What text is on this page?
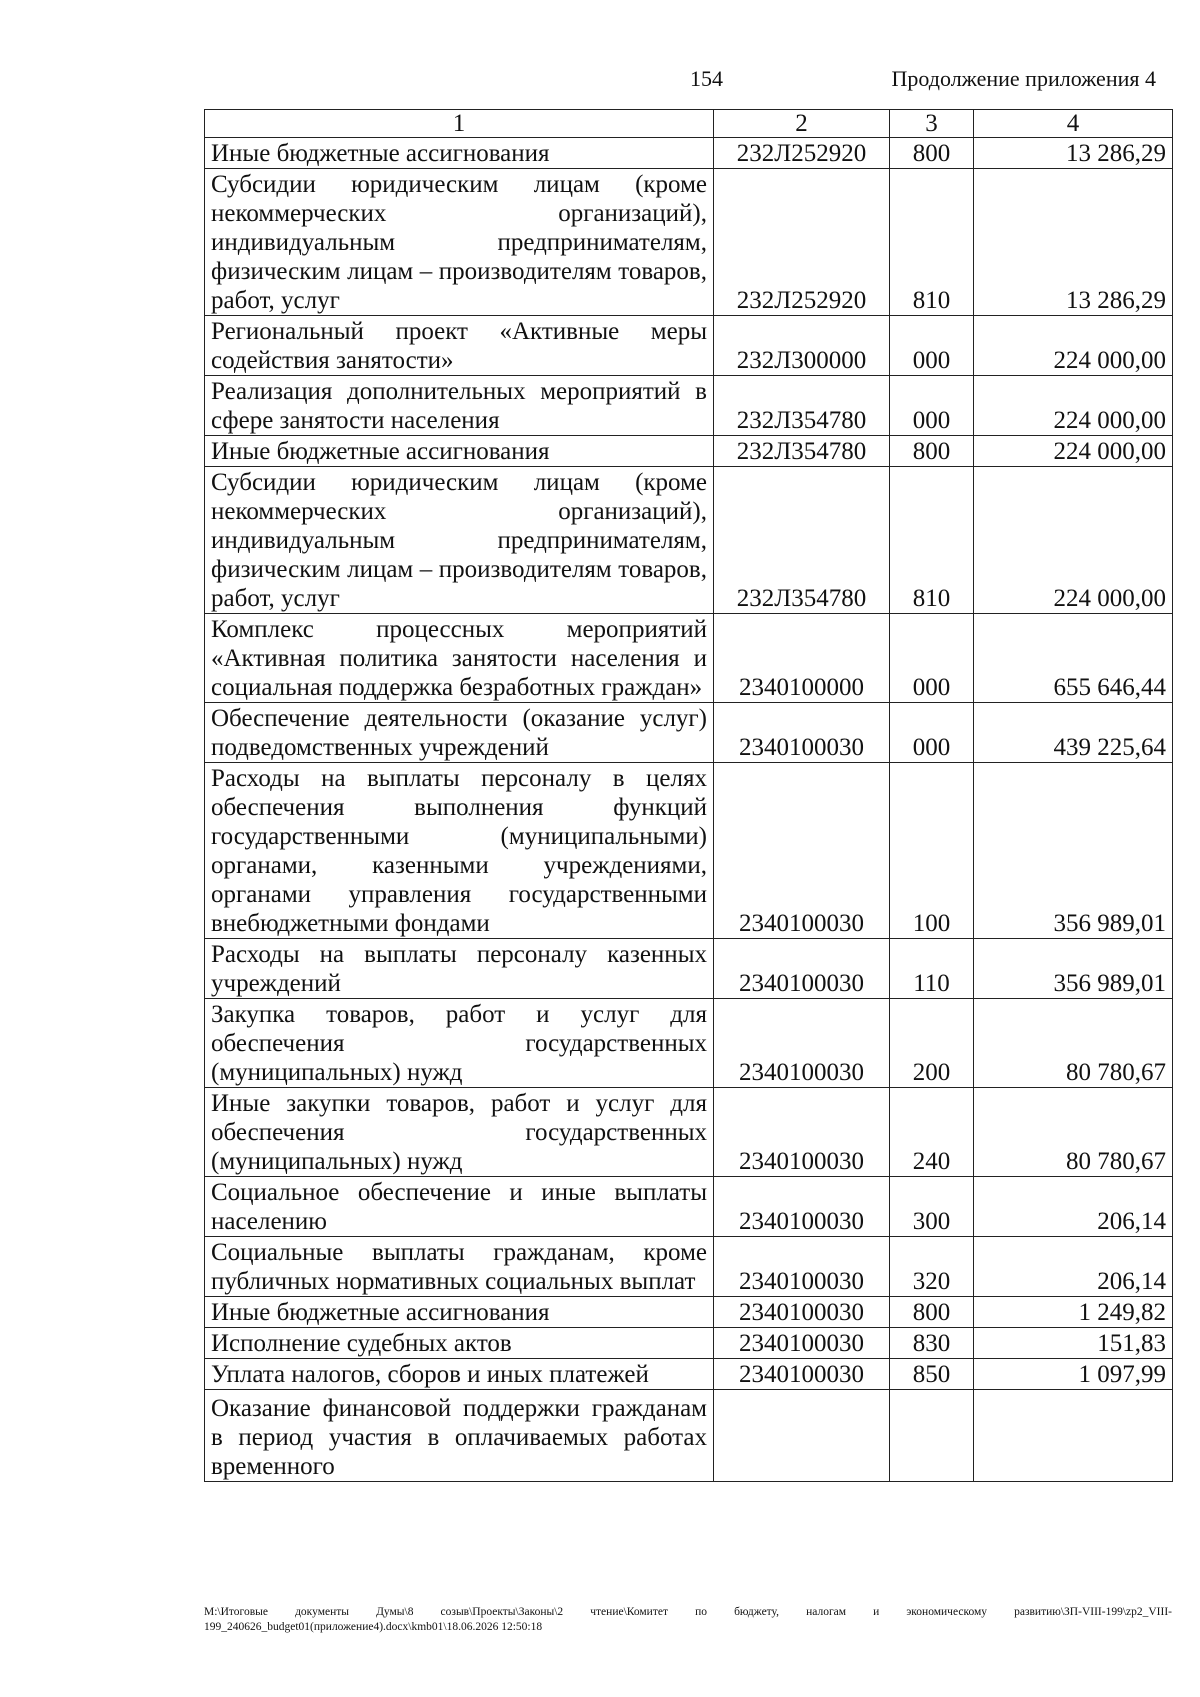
154	Продолжение приложения 4
1	2	3	4
Иные бюджетные ассигнования	232Л252920	800	13 286,29
Субсидии юридическим лицам (кроме некоммерческих организаций), индивидуальным предпринимателям, физическим лицам – производителям товаров, работ, услуг	232Л252920	810	13 286,29
Региональный проект «Активные меры содействия занятости»	232Л300000	000	224 000,00
Реализация дополнительных мероприятий в сфере занятости населения	232Л354780	000	224 000,00
Иные бюджетные ассигнования	232Л354780	800	224 000,00
Субсидии юридическим лицам (кроме некоммерческих организаций), индивидуальным предпринимателям, физическим лицам – производителям товаров, работ, услуг	232Л354780	810	224 000,00
Комплекс процессных мероприятий «Активная политика занятости населения и социальная поддержка безработных граждан»	2340100000	000	655 646,44
Обеспечение деятельности (оказание услуг) подведомственных учреждений	2340100030	000	439 225,64
Расходы на выплаты персоналу в целях обеспечения выполнения функций государственными (муниципальными) органами, казенными учреждениями, органами управления государственными внебюджетными фондами	2340100030	100	356 989,01
Расходы на выплаты персоналу казенных учреждений	2340100030	110	356 989,01
Закупка товаров, работ и услуг для обеспечения государственных (муниципальных) нужд	2340100030	200	80 780,67
Иные закупки товаров, работ и услуг для обеспечения государственных (муниципальных) нужд	2340100030	240	80 780,67
Социальное обеспечение и иные выплаты населению	2340100030	300	206,14
Социальные выплаты гражданам, кроме публичных нормативных социальных выплат	2340100030	320	206,14
Иные бюджетные ассигнования	2340100030	800	1 249,82
Исполнение судебных актов	2340100030	830	151,83
Уплата налогов, сборов и иных платежей	2340100030	850	1 097,99
Оказание финансовой поддержки гражданам в период участия в оплачиваемых работах временного			
M:\Итоговые документы Думы\8 созыв\Проекты\Законы\2 чтение\Комитет по бюджету, налогам и экономическому развитию\ЗП-VIII-199\zp2_VIII-199_240626_budget01(приложение4).docx\kmb01\18.06.2026 12:50:18
